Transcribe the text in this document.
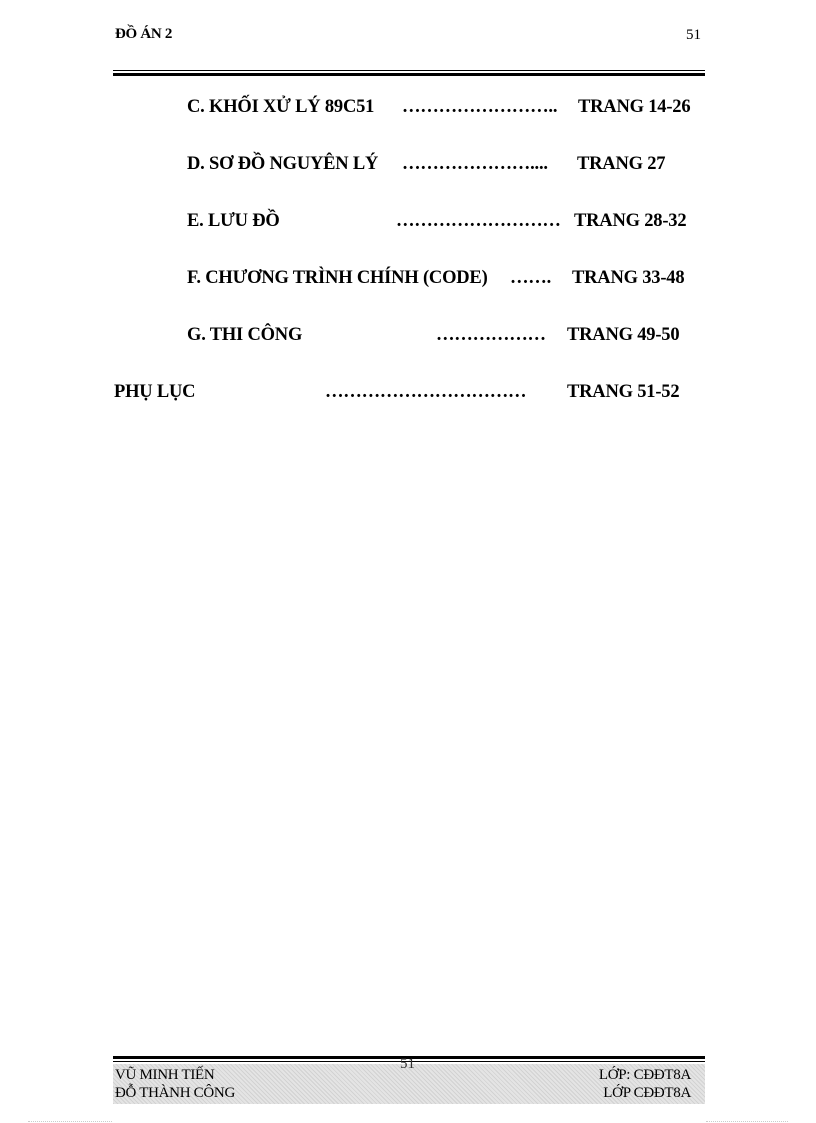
ĐỒ ÁN 2	51
C. KHỐI XỬ LÝ 89C51 …………………….. TRANG 14-26
D. SƠ ĐỒ NGUYÊN LÝ ………………….... TRANG 27
E. LƯU ĐỒ	……………………… TRANG 28-32
F. CHƯƠNG TRÌNH CHÍNH (CODE) ……. TRANG 33-48
G. THI CÔNG	……………… TRANG 49-50
PHỤ LỤC	…………………………… TRANG 51-52
51
VŨ MINH TIẾN
ĐỖ THÀNH CÔNG
LỚP: CĐĐT8A
LỚP CĐĐT8A
